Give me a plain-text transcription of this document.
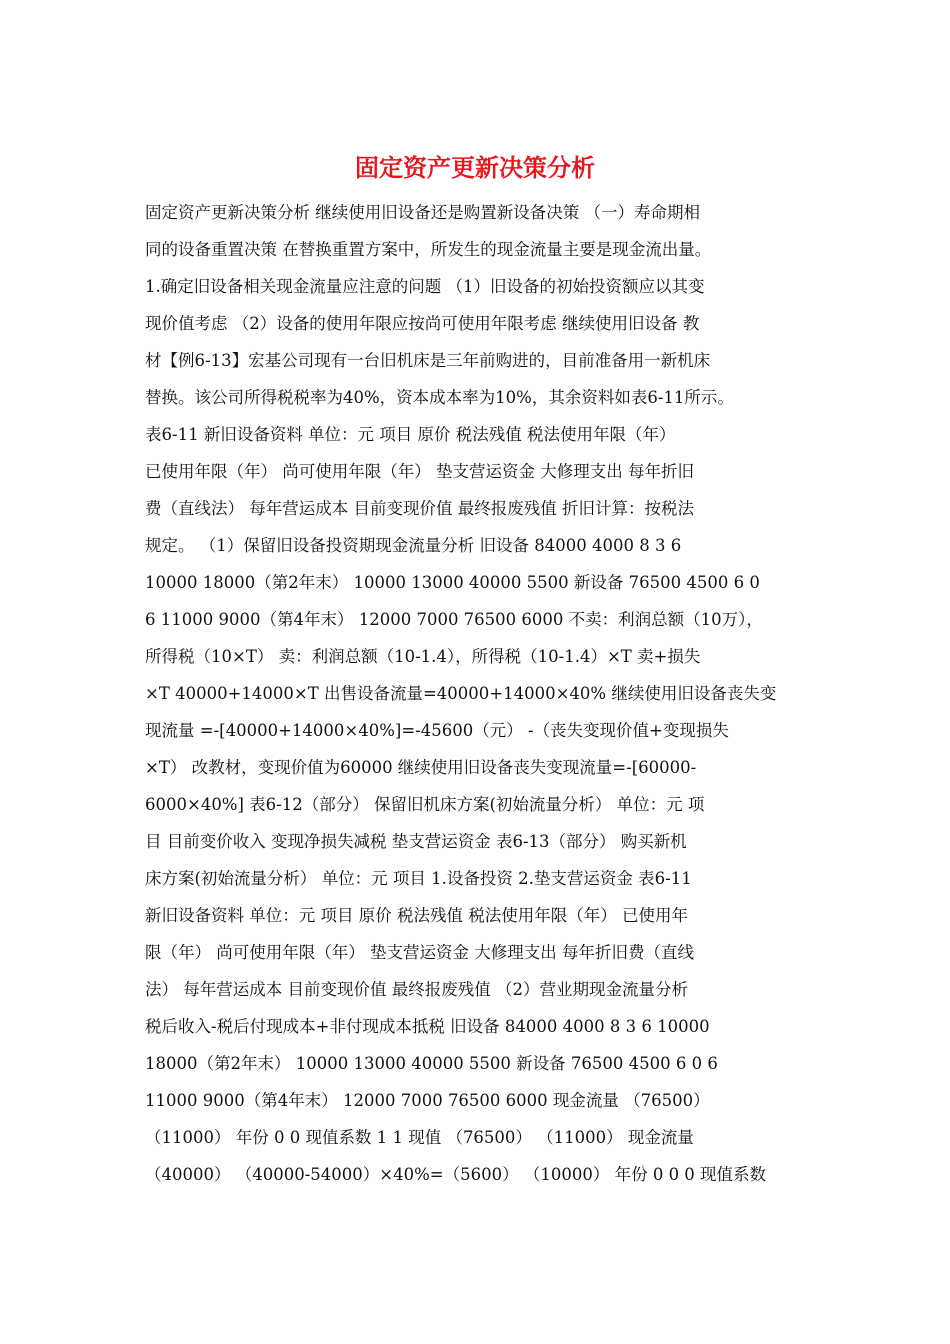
固定资产更新决策分析
固定资产更新决策分析 继续使用旧设备还是购置新设备决策 （一）寿命期相
同的设备重置决策 在替换重置方案中，所发生的现金流量主要是现金流出量。
1.确定旧设备相关现金流量应注意的问题 （1）旧设备的初始投资额应以其变
现价值考虑 （2）设备的使用年限应按尚可使用年限考虑 继续使用旧设备 教
材【例6-13】宏基公司现有一台旧机床是三年前购进的，目前准备用一新机床
替换。该公司所得税税率为40%，资本成本率为10%，其余资料如表6-11所示。
表6-11 新旧设备资料 单位：元 项目 原价 税法残值 税法使用年限（年）
已使用年限（年） 尚可使用年限（年） 垫支营运资金 大修理支出 每年折旧
费（直线法） 每年营运成本 目前变现价值 最终报废残值 折旧计算：按税法
规定。 （1）保留旧设备投资期现金流量分析 旧设备 84000 4000 8 3 6
10000 18000（第2年末） 10000 13000 40000 5500 新设备 76500 4500 6 0
6 11000 9000（第4年末） 12000 7000 76500 6000 不卖：利润总额（10万），
所得税（10×T） 卖：利润总额（10-1.4），所得税（10-1.4）×T 卖+损失
×T 40000+14000×T 出售设备流量=40000+14000×40% 继续使用旧设备丧失变
现流量 =-[40000+14000×40%]=-45600（元） -（丧失变现价值+变现损失
×T） 改教材，变现价值为60000 继续使用旧设备丧失变现流量=-[60000-
6000×40%] 表6-12（部分） 保留旧机床方案(初始流量分析） 单位：元 项
目 目前变价收入 变现净损失减税 垫支营运资金 表6-13（部分） 购买新机
床方案(初始流量分析） 单位：元 项目 1.设备投资 2.垫支营运资金 表6-11
新旧设备资料 单位：元 项目 原价 税法残值 税法使用年限（年） 已使用年
限（年） 尚可使用年限（年） 垫支营运资金 大修理支出 每年折旧费（直线
法） 每年营运成本 目前变现价值 最终报废残值 （2）营业期现金流量分析
税后收入-税后付现成本+非付现成本抵税 旧设备 84000 4000 8 3 6 10000
18000（第2年末） 10000 13000 40000 5500 新设备 76500 4500 6 0 6
11000 9000（第4年末） 12000 7000 76500 6000 现金流量 （76500）
（11000） 年份 0 0 现值系数 1 1 现值 （76500） （11000） 现金流量
（40000） （40000-54000）×40%=（5600） （10000） 年份 0 0 0 现值系数
